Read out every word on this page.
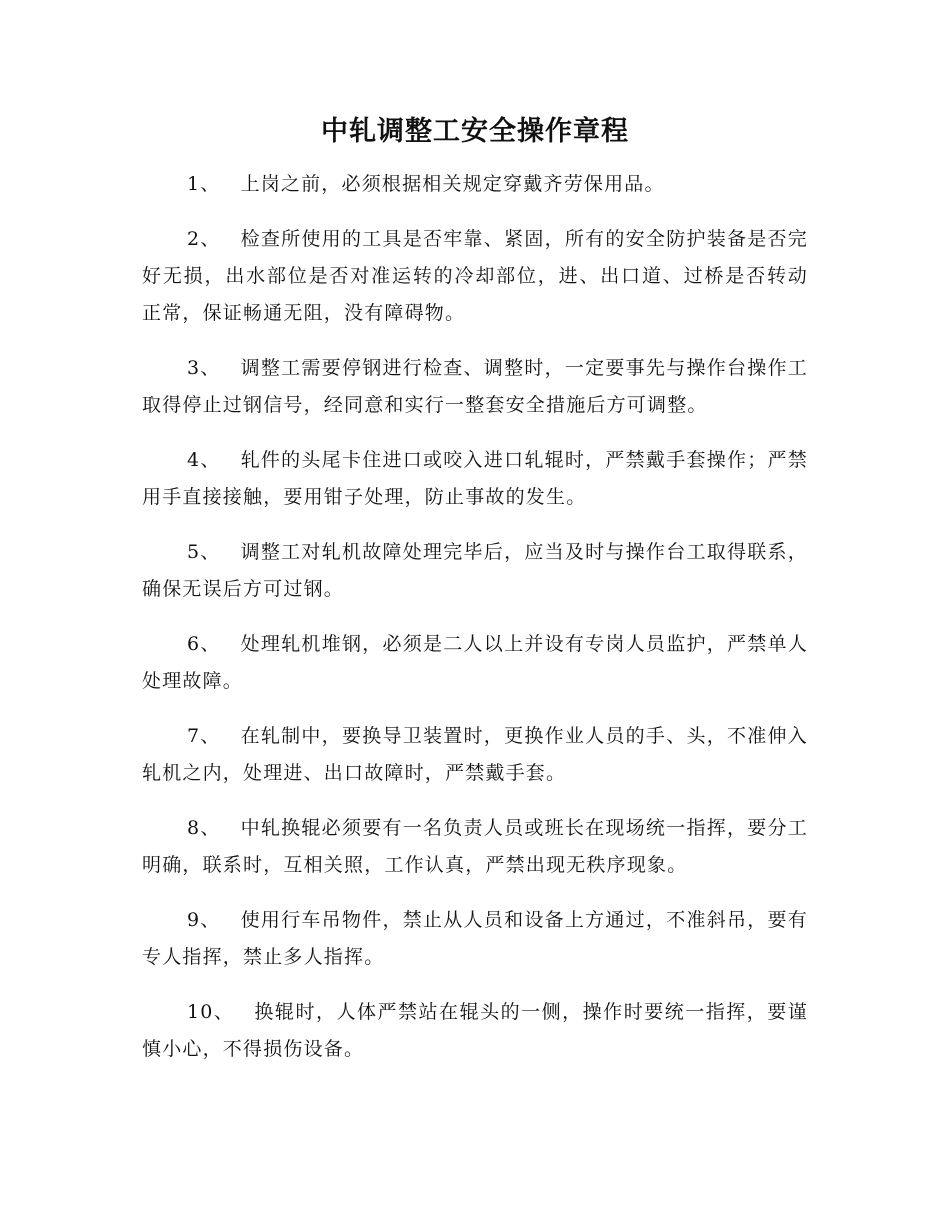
中轧调整工安全操作章程

1、 上岗之前，必须根据相关规定穿戴齐劳保用品。

2、 检查所使用的工具是否牢靠、紧固，所有的安全防护装备是否完好无损，出水部位是否对准运转的冷却部位，进、出口道、过桥是否转动正常，保证畅通无阻，没有障碍物。

3、 调整工需要停钢进行检查、调整时，一定要事先与操作台操作工取得停止过钢信号，经同意和实行一整套安全措施后方可调整。

4、 轧件的头尾卡住进口或咬入进口轧辊时，严禁戴手套操作；严禁用手直接接触，要用钳子处理，防止事故的发生。

5、 调整工对轧机故障处理完毕后，应当及时与操作台工取得联系，确保无误后方可过钢。

6、 处理轧机堆钢，必须是二人以上并设有专岗人员监护，严禁单人处理故障。

7、 在轧制中，要换导卫装置时，更换作业人员的手、头，不准伸入轧机之内，处理进、出口故障时，严禁戴手套。

8、 中轧换辊必须要有一名负责人员或班长在现场统一指挥，要分工明确，联系时，互相关照，工作认真，严禁出现无秩序现象。

9、 使用行车吊物件，禁止从人员和设备上方通过，不准斜吊，要有专人指挥，禁止多人指挥。

10、 换辊时，人体严禁站在辊头的一侧，操作时要统一指挥，要谨慎小心，不得损伤设备。
